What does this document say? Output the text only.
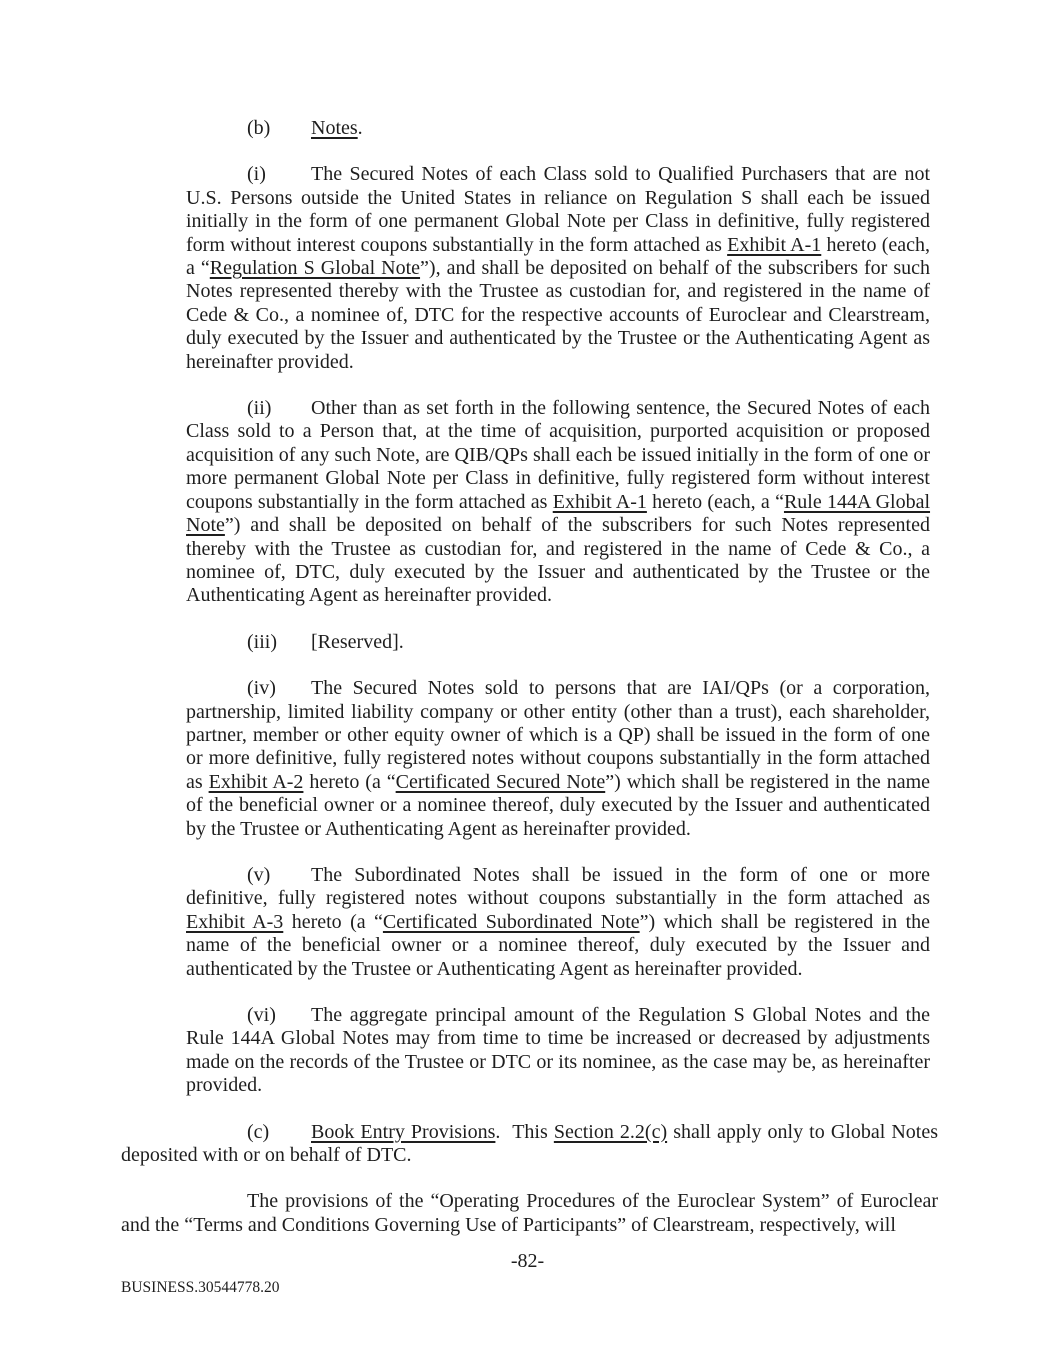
(b) Notes.

(i) The Secured Notes of each Class sold to Qualified Purchasers that are not U.S. Persons outside the United States in reliance on Regulation S shall each be issued initially in the form of one permanent Global Note per Class in definitive, fully registered form without interest coupons substantially in the form attached as Exhibit A-1 hereto (each, a “Regulation S Global Note”), and shall be deposited on behalf of the subscribers for such Notes represented thereby with the Trustee as custodian for, and registered in the name of Cede & Co., a nominee of, DTC for the respective accounts of Euroclear and Clearstream, duly executed by the Issuer and authenticated by the Trustee or the Authenticating Agent as hereinafter provided.

(ii) Other than as set forth in the following sentence, the Secured Notes of each Class sold to a Person that, at the time of acquisition, purported acquisition or proposed acquisition of any such Note, are QIB/QPs shall each be issued initially in the form of one or more permanent Global Note per Class in definitive, fully registered form without interest coupons substantially in the form attached as Exhibit A-1 hereto (each, a “Rule 144A Global Note”) and shall be deposited on behalf of the subscribers for such Notes represented thereby with the Trustee as custodian for, and registered in the name of Cede & Co., a nominee of, DTC, duly executed by the Issuer and authenticated by the Trustee or the Authenticating Agent as hereinafter provided.

(iii) [Reserved].

(iv) The Secured Notes sold to persons that are IAI/QPs (or a corporation, partnership, limited liability company or other entity (other than a trust), each shareholder, partner, member or other equity owner of which is a QP) shall be issued in the form of one or more definitive, fully registered notes without coupons substantially in the form attached as Exhibit A-2 hereto (a “Certificated Secured Note”) which shall be registered in the name of the beneficial owner or a nominee thereof, duly executed by the Issuer and authenticated by the Trustee or Authenticating Agent as hereinafter provided.

(v) The Subordinated Notes shall be issued in the form of one or more definitive, fully registered notes without coupons substantially in the form attached as Exhibit A-3 hereto (a “Certificated Subordinated Note”) which shall be registered in the name of the beneficial owner or a nominee thereof, duly executed by the Issuer and authenticated by the Trustee or Authenticating Agent as hereinafter provided.

(vi) The aggregate principal amount of the Regulation S Global Notes and the Rule 144A Global Notes may from time to time be increased or decreased by adjustments made on the records of the Trustee or DTC or its nominee, as the case may be, as hereinafter provided.

(c) Book Entry Provisions.  This Section 2.2(c) shall apply only to Global Notes deposited with or on behalf of DTC.

The provisions of the “Operating Procedures of the Euroclear System” of Euroclear and the “Terms and Conditions Governing Use of Participants” of Clearstream, respectively, will

-82-
BUSINESS.30544778.20
